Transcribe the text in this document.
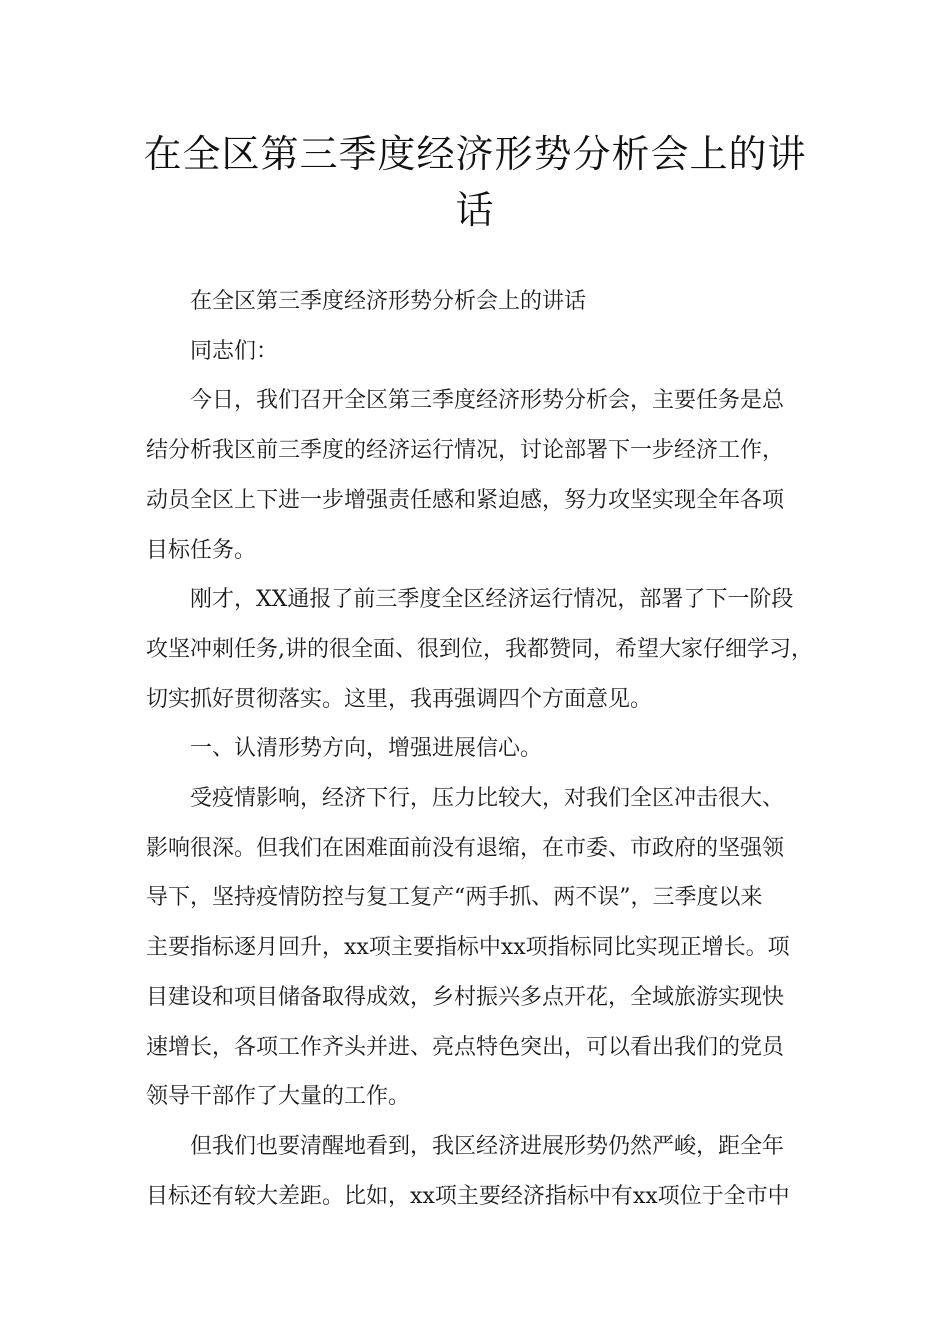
在全区第三季度经济形势分析会上的讲
话

在全区第三季度经济形势分析会上的讲话

同志们：

今日，我们召开全区第三季度经济形势分析会，主要任务是总
结分析我区前三季度的经济运行情况，讨论部署下一步经济工作，
动员全区上下进一步增强责任感和紧迫感，努力攻坚实现全年各项
目标任务。

刚才，XX通报了前三季度全区经济运行情况，部署了下一阶段
攻坚冲刺任务,讲的很全面、很到位，我都赞同，希望大家仔细学习，
切实抓好贯彻落实。这里，我再强调四个方面意见。

一、认清形势方向，增强进展信心。

受疫情影响，经济下行，压力比较大，对我们全区冲击很大、
影响很深。但我们在困难面前没有退缩，在市委、市政府的坚强领
导下，坚持疫情防控与复工复产“两手抓、两不误”，三季度以来
主要指标逐月回升，xx项主要指标中xx项指标同比实现正增长。项
目建设和项目储备取得成效，乡村振兴多点开花，全域旅游实现快
速增长，各项工作齐头并进、亮点特色突出，可以看出我们的党员
领导干部作了大量的工作。

但我们也要清醒地看到，我区经济进展形势仍然严峻，距全年
目标还有较大差距。比如，xx项主要经济指标中有xx项位于全市中
